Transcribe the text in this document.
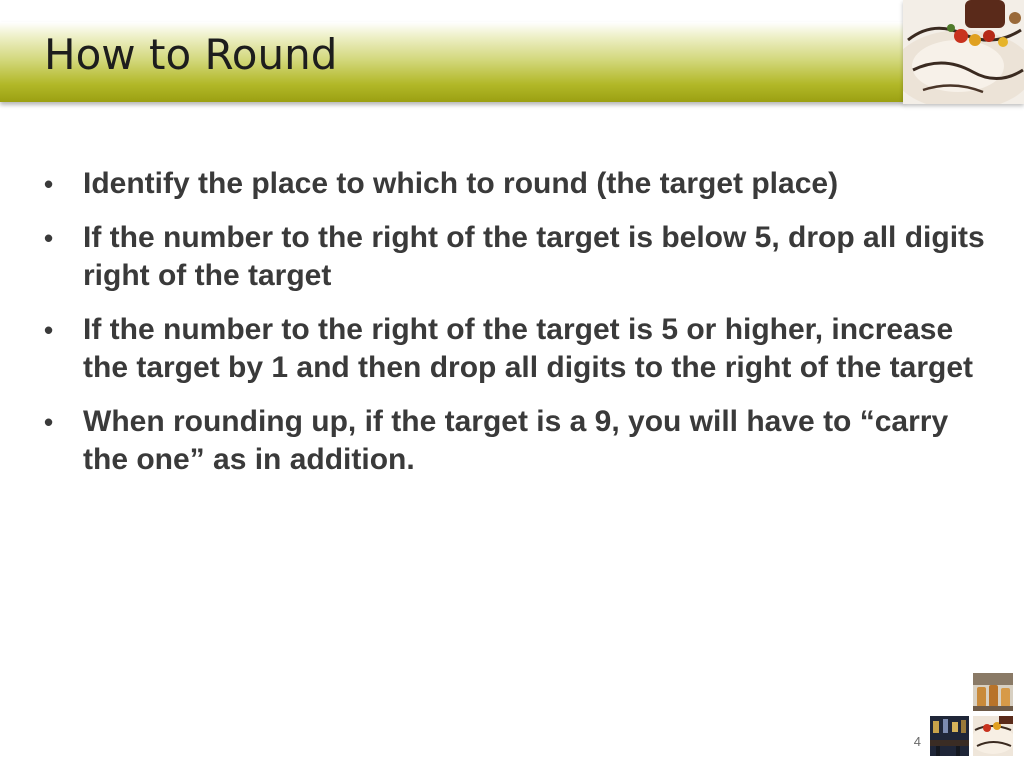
How to Round
• Identify the place to which to round (the target place)
• If the number to the right of the target is below 5, drop all digits right of the target
• If the number to the right of the target is 5 or higher, increase the target by 1 and then drop all digits to the right of the target
• When rounding up, if the target is a 9, you will have to “carry the one” as in addition.
4
